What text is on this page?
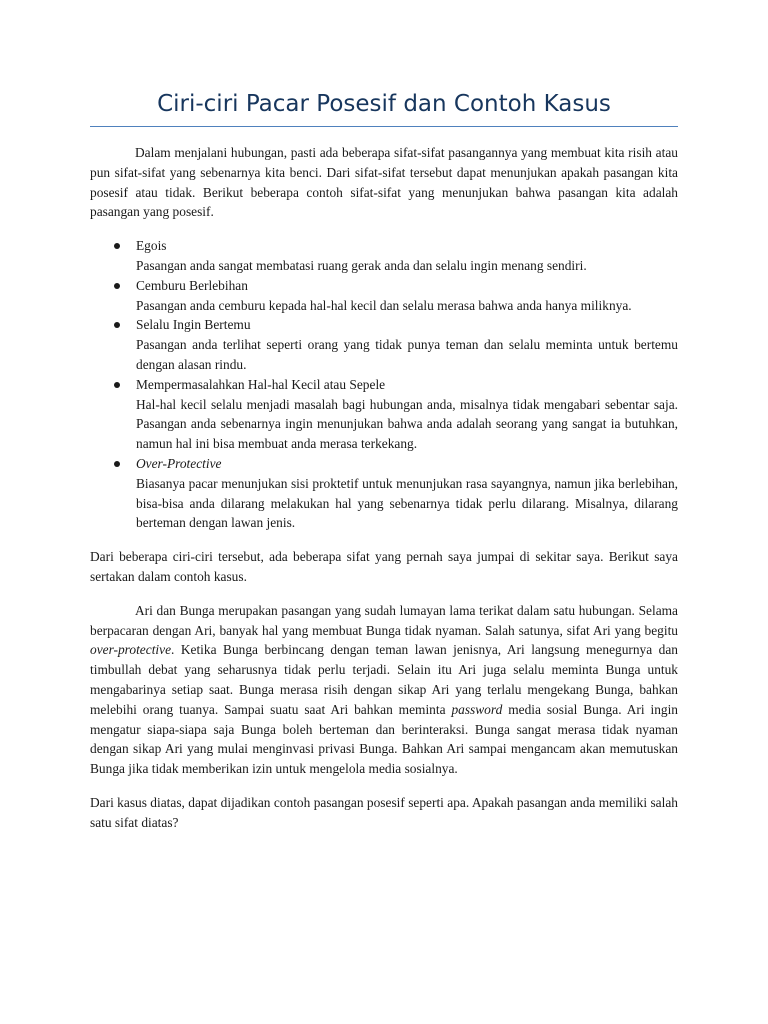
Ciri-ciri Pacar Posesif dan Contoh Kasus

Dalam menjalani hubungan, pasti ada beberapa sifat-sifat pasangannya yang membuat kita risih atau pun sifat-sifat yang sebenarnya kita benci. Dari sifat-sifat tersebut dapat menunjukan apakah pasangan kita posesif atau tidak. Berikut beberapa contoh sifat-sifat yang menunjukan bahwa pasangan kita adalah pasangan yang posesif.

Egois
Pasangan anda sangat membatasi ruang gerak anda dan selalu ingin menang sendiri.
Cemburu Berlebihan
Pasangan anda cemburu kepada hal-hal kecil dan selalu merasa bahwa anda hanya miliknya.
Selalu Ingin Bertemu
Pasangan anda terlihat seperti orang yang tidak punya teman dan selalu meminta untuk bertemu dengan alasan rindu.
Mempermasalahkan Hal-hal Kecil atau Sepele
Hal-hal kecil selalu menjadi masalah bagi hubungan anda, misalnya tidak mengabari sebentar saja. Pasangan anda sebenarnya ingin menunjukan bahwa anda adalah seorang yang sangat ia butuhkan, namun hal ini bisa membuat anda merasa terkekang.
Over-Protective
Biasanya pacar menunjukan sisi proktetif untuk menunjukan rasa sayangnya, namun jika berlebihan, bisa-bisa anda dilarang melakukan hal yang sebenarnya tidak perlu dilarang. Misalnya, dilarang berteman dengan lawan jenis.

Dari beberapa ciri-ciri tersebut, ada beberapa sifat yang pernah saya jumpai di sekitar saya. Berikut saya sertakan dalam contoh kasus.

Ari dan Bunga merupakan pasangan yang sudah lumayan lama terikat dalam satu hubungan. Selama berpacaran dengan Ari, banyak hal yang membuat Bunga tidak nyaman. Salah satunya, sifat Ari yang begitu over-protective. Ketika Bunga berbincang dengan teman lawan jenisnya, Ari langsung menegurnya dan timbullah debat yang seharusnya tidak perlu terjadi. Selain itu Ari juga selalu meminta Bunga untuk mengabarinya setiap saat. Bunga merasa risih dengan sikap Ari yang terlalu mengekang Bunga, bahkan melebihi orang tuanya. Sampai suatu saat Ari bahkan meminta password media sosial Bunga. Ari ingin mengatur siapa-siapa saja Bunga boleh berteman dan berinteraksi. Bunga sangat merasa tidak nyaman dengan sikap Ari yang mulai menginvasi privasi Bunga. Bahkan Ari sampai mengancam akan memutuskan Bunga jika tidak memberikan izin untuk mengelola media sosialnya.

Dari kasus diatas, dapat dijadikan contoh pasangan posesif seperti apa. Apakah pasangan anda memiliki salah satu sifat diatas?
